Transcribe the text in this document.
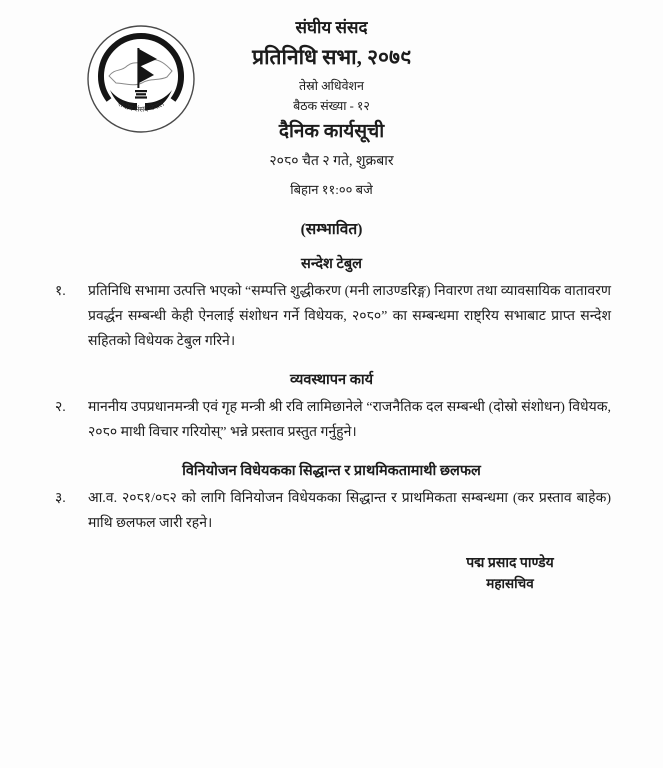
संघीय संसद नेपाल
संघीय संसद
प्रतिनिधि सभा, २०७९
तेस्रो अधिवेशन
बैठक संख्या - १२
दैनिक कार्यसूची
२०८० चैत २ गते, शुक्रबार
बिहान ११:०० बजे
(सम्भावित)
सन्देश टेबुल
१.	प्रतिनिधि सभामा उत्पत्ति भएको “सम्पत्ति शुद्धीकरण (मनी लाउण्डरिङ्ग) निवारण तथा व्यावसायिक वातावरण प्रवर्द्धन सम्बन्धी केही ऐनलाई संशोधन गर्ने विधेयक, २०८०” का सम्बन्धमा राष्ट्रिय सभाबाट प्राप्त सन्देश सहितको विधेयक टेबुल गरिने।

व्यवस्थापन कार्य
२.	माननीय उपप्रधानमन्त्री एवं गृह मन्त्री श्री रवि लामिछानेले “राजनैतिक दल सम्बन्धी (दोस्रो संशोधन) विधेयक, २०८० माथी विचार गरियोस्” भन्ने प्रस्ताव प्रस्तुत गर्नुहुने।

विनियोजन विधेयकका सिद्धान्त र प्राथमिकतामाथी छलफल
३.	आ.व. २०८१/०८२ को लागि विनियोजन विधेयकका सिद्धान्त र प्राथमिकता सम्बन्धमा (कर प्रस्ताव बाहेक) माथि छलफल जारी रहने।

पद्म प्रसाद पाण्डेय
महासचिव
